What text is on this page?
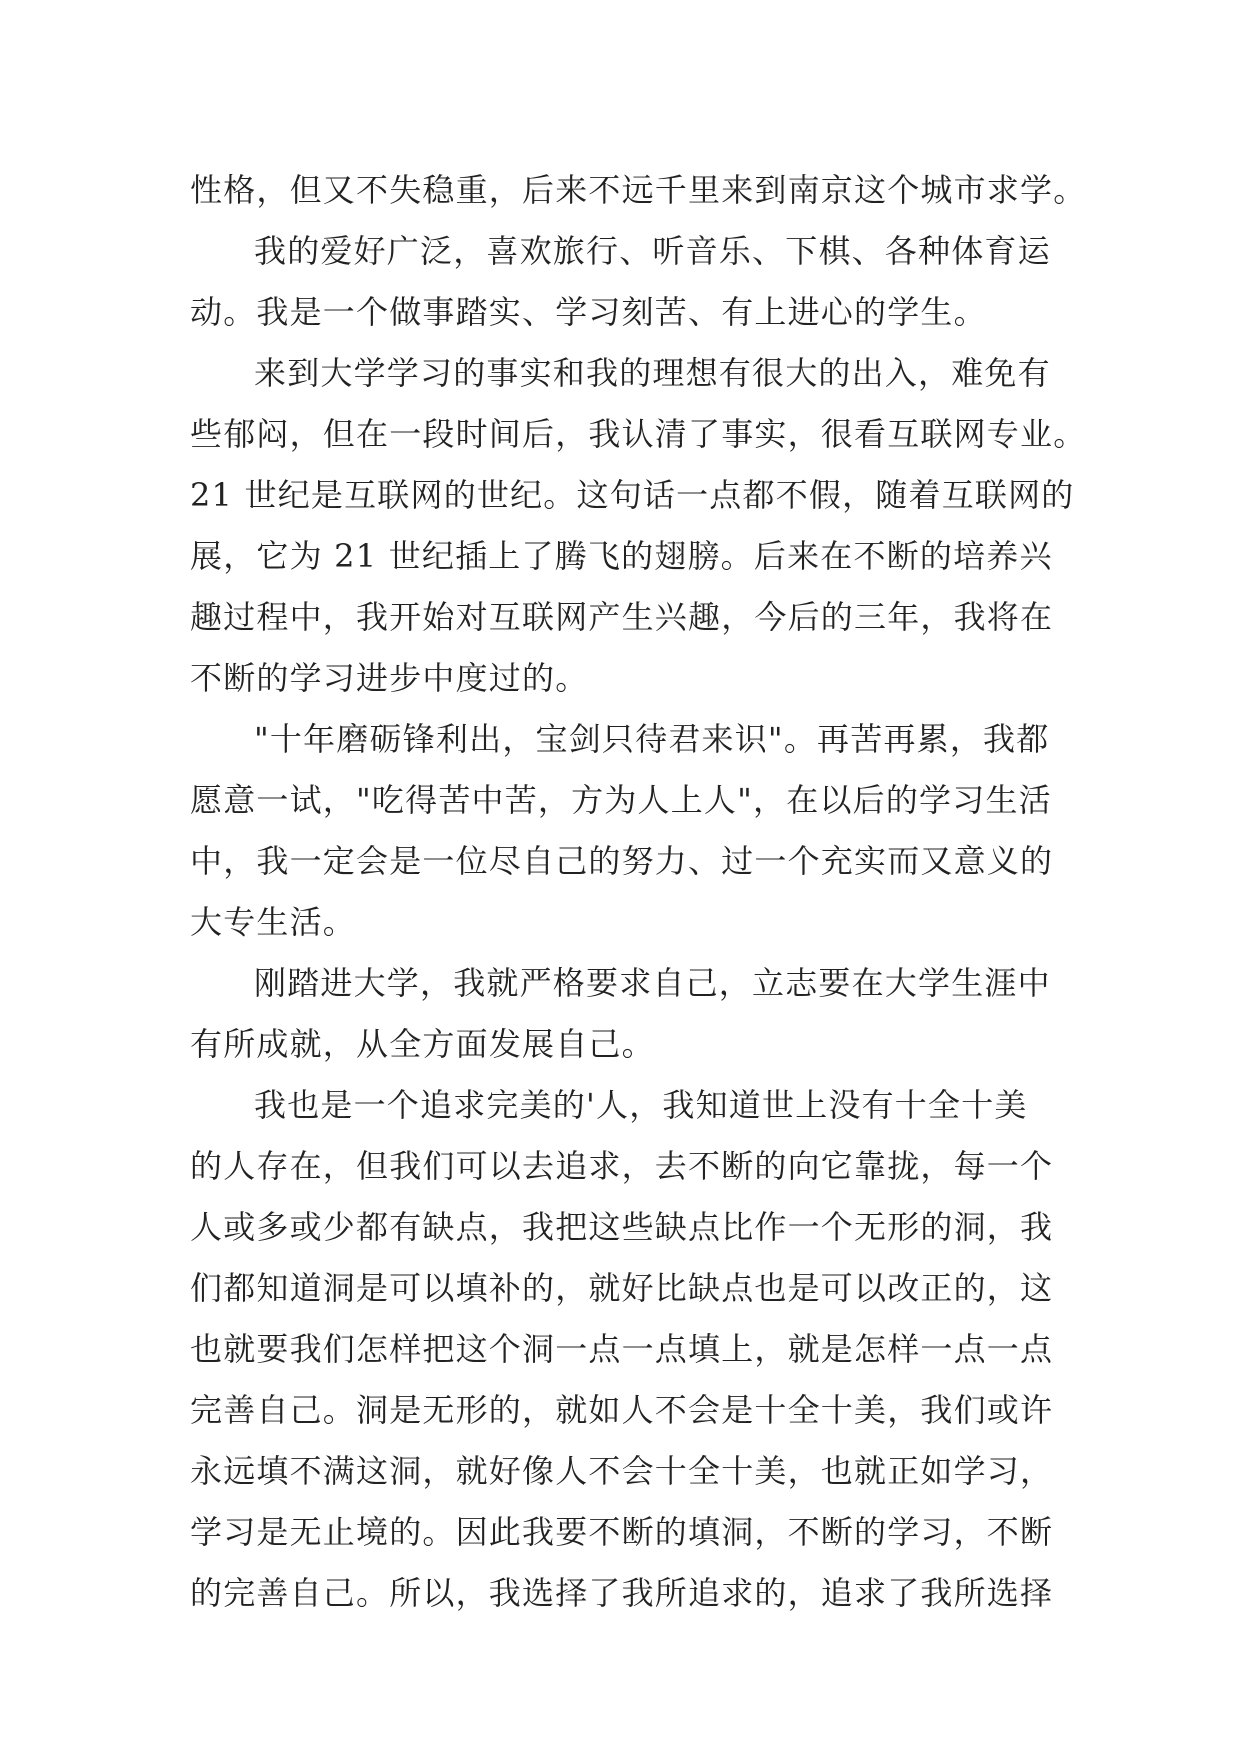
性格，但又不失稳重，后来不远千里来到南京这个城市求学。
我的爱好广泛，喜欢旅行、听音乐、下棋、各种体育运
动。我是一个做事踏实、学习刻苦、有上进心的学生。
来到大学学习的事实和我的理想有很大的出入，难免有
些郁闷，但在一段时间后，我认清了事实，很看互联网专业。
21 世纪是互联网的世纪。这句话一点都不假，随着互联网的
展，它为 21 世纪插上了腾飞的翅膀。后来在不断的培养兴
趣过程中，我开始对互联网产生兴趣，今后的三年，我将在
不断的学习进步中度过的。
"十年磨砺锋利出，宝剑只待君来识"。再苦再累，我都
愿意一试，"吃得苦中苦，方为人上人"，在以后的学习生活
中，我一定会是一位尽自己的努力、过一个充实而又意义的
大专生活。
刚踏进大学，我就严格要求自己，立志要在大学生涯中
有所成就，从全方面发展自己。
我也是一个追求完美的'人，我知道世上没有十全十美
的人存在，但我们可以去追求，去不断的向它靠拢，每一个
人或多或少都有缺点，我把这些缺点比作一个无形的洞，我
们都知道洞是可以填补的，就好比缺点也是可以改正的，这
也就要我们怎样把这个洞一点一点填上，就是怎样一点一点
完善自己。洞是无形的，就如人不会是十全十美，我们或许
永远填不满这洞，就好像人不会十全十美，也就正如学习，
学习是无止境的。因此我要不断的填洞，不断的学习，不断
的完善自己。所以，我选择了我所追求的，追求了我所选择
